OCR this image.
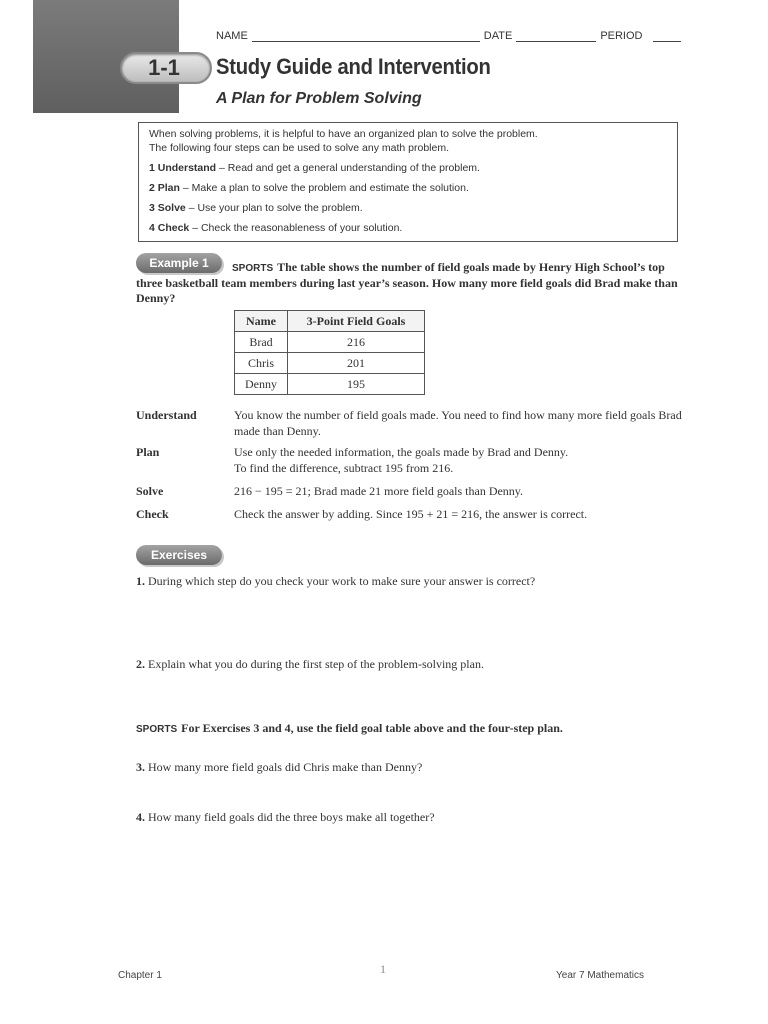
1-1
NAME	DATE	PERIOD
Study Guide and Intervention
A Plan for Problem Solving

When solving problems, it is helpful to have an organized plan to solve the problem.

The following four steps can be used to solve any math problem.

1 Understand – Read and get a general understanding of the problem.

2 Plan – Make a plan to solve the problem and estimate the solution.

3 Solve – Use your plan to solve the problem.

4 Check – Check the reasonableness of your solution.

Example 1	SPORTS The table shows the number of field goals made by Henry High School’s top three basketball team members during last year’s season. How many more field goals did Brad make than Denny?
Name	3-Point Field Goals
Brad	216
Chris	201
Denny	195
Understand	You know the number of field goals made. You need to find how many more field goals Brad made than Denny.
Plan	Use only the needed information, the goals made by Brad and Denny.
To find the difference, subtract 195 from 216.
Solve	216 − 195 = 21; Brad made 21 more field goals than Denny.
Check	Check the answer by adding. Since 195 + 21 = 216, the answer is correct.
Exercises
1. During which step do you check your work to make sure your answer is correct?
2. Explain what you do during the first step of the problem-solving plan.
SPORTS For Exercises 3 and 4, use the field goal table above and the four-step plan.
3. How many more field goals did Chris make than Denny?
4. How many field goals did the three boys make all together?
Chapter 1	1	Year 7 Mathematics
